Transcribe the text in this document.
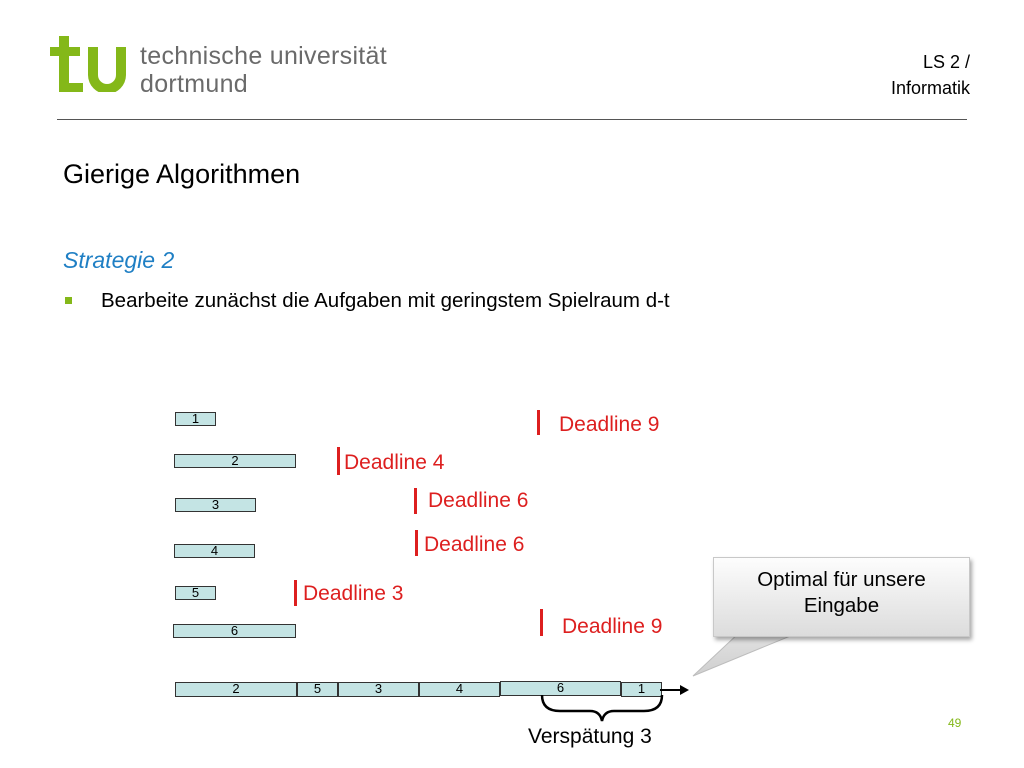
technische universität
dortmund
LS 2 /
Informatik
Gierige Algorithmen
Strategie 2
Bearbeite zunächst die Aufgaben mit geringstem Spielraum d-t
1	Deadline 9
2	Deadline 4
3	Deadline 6
4	Deadline 6
5	Deadline 3
6	Deadline 9
2	5	3	4	6	1
Verspätung 3
Optimal für unsere
Eingabe
49
